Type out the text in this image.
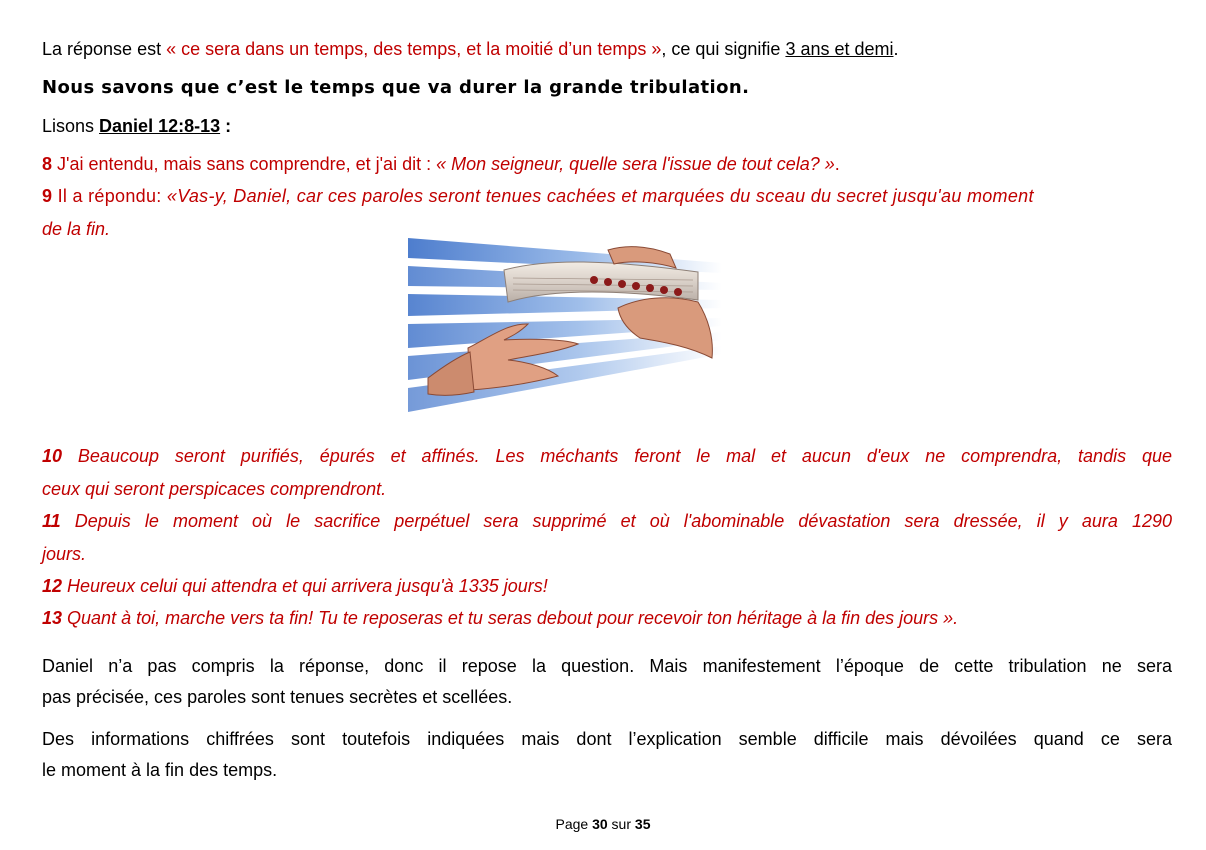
La réponse est « ce sera dans un temps, des temps, et la moitié d’un temps », ce qui signifie 3 ans et demi.
Nous savons que c’est le temps que va durer la grande tribulation.
Lisons Daniel 12:8-13 :
8 J'ai entendu, mais sans comprendre, et j'ai dit : « Mon seigneur, quelle sera l'issue de tout cela? ».
9 Il a répondu: «Vas-y, Daniel, car ces paroles seront tenues cachées et marquées du sceau du secret jusqu'au moment
de la fin.
10 Beaucoup seront purifiés, épurés et affinés. Les méchants feront le mal et aucun d'eux ne comprendra, tandis que
ceux qui seront perspicaces comprendront.
11 Depuis le moment où le sacrifice perpétuel sera supprimé et où l'abominable dévastation sera dressée, il y aura 1290
jours.
12 Heureux celui qui attendra et qui arrivera jusqu'à 1335 jours!
13 Quant à toi, marche vers ta fin! Tu te reposeras et tu seras debout pour recevoir ton héritage à la fin des jours ».
Daniel n’a pas compris la réponse, donc il repose la question. Mais manifestement l’époque de cette tribulation ne sera
pas précisée, ces paroles sont tenues secrètes et scellées.
Des informations chiffrées sont toutefois indiquées mais dont l’explication semble difficile mais dévoilées quand ce sera
le moment à la fin des temps.
Page 30 sur 35
